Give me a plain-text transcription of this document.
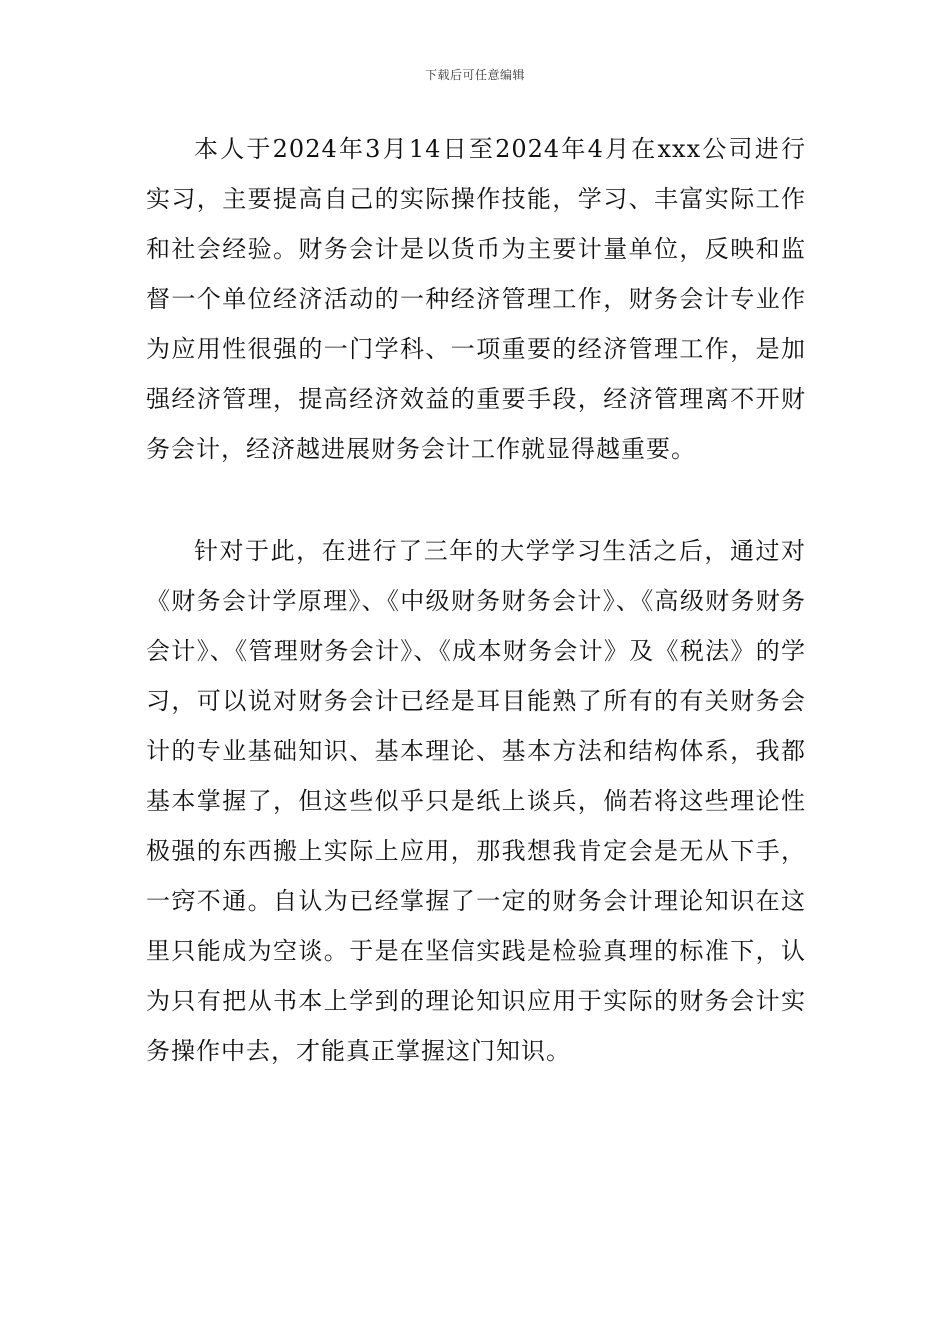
下载后可任意编辑

本人于2024年3月14日至2024年4月在xxx公司进行实习，主要提高自己的实际操作技能，学习、丰富实际工作和社会经验。财务会计是以货币为主要计量单位，反映和监督一个单位经济活动的一种经济管理工作，财务会计专业作为应用性很强的一门学科、一项重要的经济管理工作，是加强经济管理，提高经济效益的重要手段，经济管理离不开财务会计，经济越进展财务会计工作就显得越重要。

针对于此，在进行了三年的大学学习生活之后，通过对《财务会计学原理》、《中级财务财务会计》、《高级财务财务会计》、《管理财务会计》、《成本财务会计》及《税法》的学习，可以说对财务会计已经是耳目能熟了所有的有关财务会计的专业基础知识、基本理论、基本方法和结构体系，我都基本掌握了，但这些似乎只是纸上谈兵，倘若将这些理论性极强的东西搬上实际上应用，那我想我肯定会是无从下手，一窍不通。自认为已经掌握了一定的财务会计理论知识在这里只能成为空谈。于是在坚信实践是检验真理的标准下，认为只有把从书本上学到的理论知识应用于实际的财务会计实务操作中去，才能真正掌握这门知识。
